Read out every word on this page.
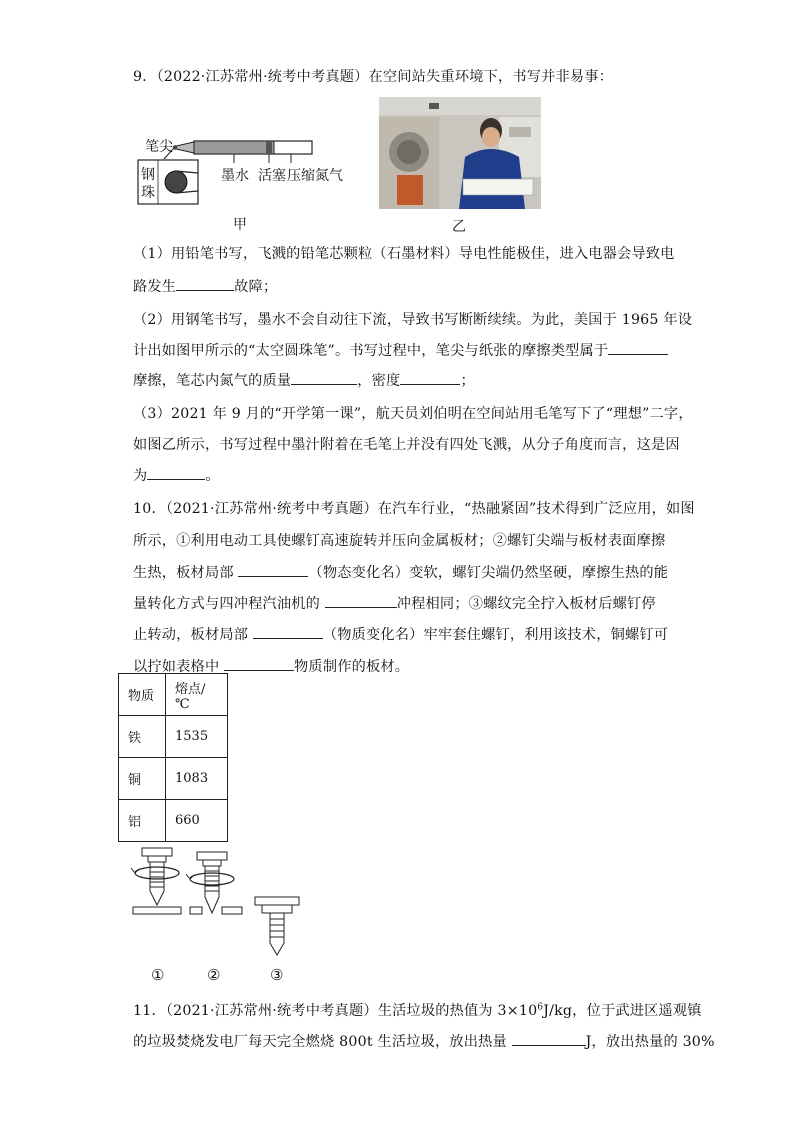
9．（2022·江苏常州·统考中考真题）在空间站失重环境下，书写并非易事：
笔尖
钢
珠
墨水 活塞 压缩氮气
甲	乙
（1）用铅笔书写，飞溅的铅笔芯颗粒（石墨材料）导电性能极佳，进入电器会导致电
路发生	故障；
（2）用钢笔书写，墨水不会自动往下流，导致书写断断续续。为此，美国于 1965 年设
计出如图甲所示的“太空圆珠笔”。书写过程中，笔尖与纸张的摩擦类型属于
摩擦，笔芯内氮气的质量	，密度	；
（3）2021 年 9 月的“开学第一课”，航天员刘伯明在空间站用毛笔写下了“理想”二字，
如图乙所示，书写过程中墨汁附着在毛笔上并没有四处飞溅，从分子角度而言，这是因
为	。
10．（2021·江苏常州·统考中考真题）在汽车行业，“热融紧固”技术得到广泛应用，如图
所示，①利用电动工具使螺钉高速旋转并压向金属板材；②螺钉尖端与板材表面摩擦
生热，板材局部	（物态变化名）变软，螺钉尖端仍然坚硬，摩擦生热的能
量转化方式与四冲程汽油机的	冲程相同；③螺纹完全拧入板材后螺钉停
止转动，板材局部	（物质变化名）牢牢套住螺钉，利用该技术，铜螺钉可
以拧如表格中	物质制作的板材。
物质	熔点/℃
铁	1535
铜	1083
铝	660
①	②	③
11．（2021·江苏常州·统考中考真题）生活垃圾的热值为 $3\times 10^6J/kg$，位于武进区遥观镇
的垃圾焚烧发电厂每天完全燃烧 800t 生活垃圾，放出热量	J，放出热量的 30%
